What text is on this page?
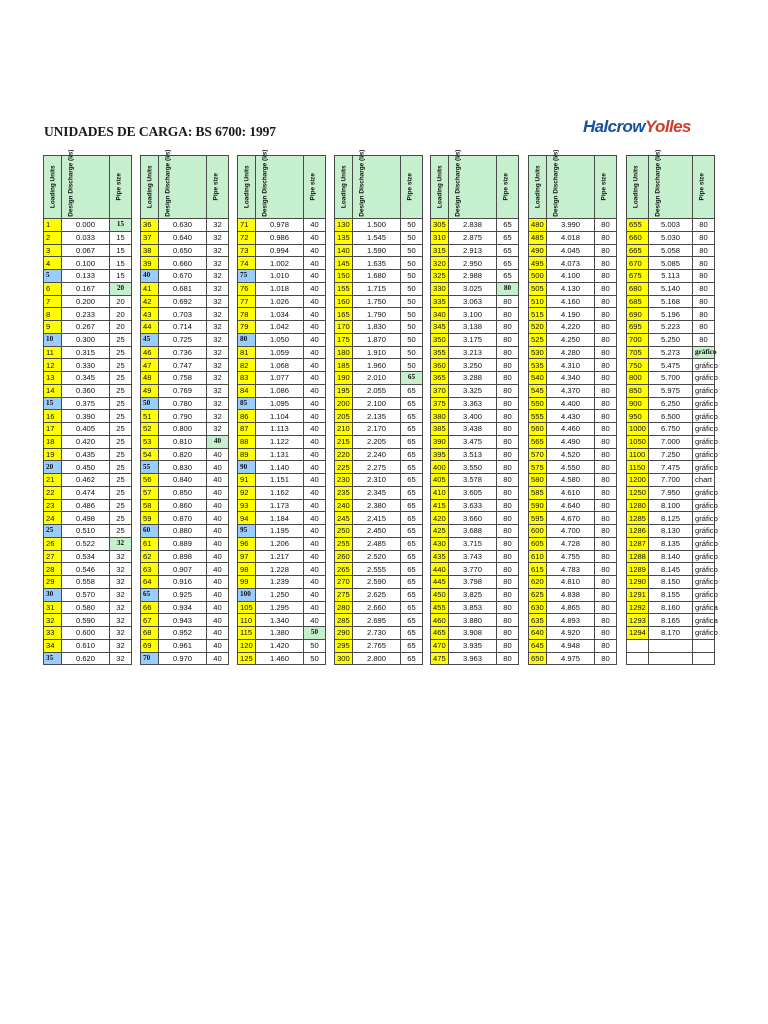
UNIDADES DE CARGA: BS 6700: 1997	HalcrowYolles
Loading Units	Design Discharge (l/s)	Pipe size

1	0.000	15
2	0.033	15
3	0.067	15
4	0.100	15
5	0.133	15
6	0.167	20
7	0.200	20
8	0.233	20
9	0.267	20
10	0.300	25
11	0.315	25
12	0.330	25
13	0.345	25
14	0.360	25
15	0.375	25
16	0.390	25
17	0.405	25
18	0.420	25
19	0.435	25
20	0.450	25
21	0.462	25
22	0.474	25
23	0.486	25
24	0.498	25
25	0.510	25
26	0.522	32
27	0.534	32
28	0.546	32
29	0.558	32
30	0.570	32
31	0.580	32
32	0.590	32
33	0.600	32
34	0.610	32
35	0.620	32
Loading Units	Design Discharge (l/s)	Pipe size

36	0.630	32
37	0.640	32
38	0.650	32
39	0.660	32
40	0.670	32
41	0.681	32
42	0.692	32
43	0.703	32
44	0.714	32
45	0.725	32
46	0.736	32
47	0.747	32
48	0.758	32
49	0.769	32
50	0.780	32
51	0.790	32
52	0.800	32
53	0.810	40
54	0.820	40
55	0.830	40
56	0.840	40
57	0.850	40
58	0.860	40
59	0.870	40
60	0.880	40
61	0.889	40
62	0.898	40
63	0.907	40
64	0.916	40
65	0.925	40
66	0.934	40
67	0.943	40
68	0.952	40
69	0.961	40
70	0.970	40
Loading Units	Design Discharge (l/s)	Pipe size

71	0.978	40
72	0.986	40
73	0.994	40
74	1.002	40
75	1.010	40
76	1.018	40
77	1.026	40
78	1.034	40
79	1.042	40
80	1.050	40
81	1.059	40
82	1.068	40
83	1.077	40
84	1.086	40
85	1.095	40
86	1.104	40
87	1.113	40
88	1.122	40
89	1.131	40
90	1.140	40
91	1.151	40
92	1.162	40
93	1.173	40
94	1.184	40
95	1.195	40
96	1.206	40
97	1.217	40
98	1.228	40
99	1.239	40
100	1.250	40
105	1.295	40
110	1.340	40
115	1.380	50
120	1.420	50
125	1.460	50
Loading Units	Design Discharge (l/s)	Pipe size

130	1.500	50
135	1.545	50
140	1.590	50
145	1.635	50
150	1.680	50
155	1.715	50
160	1.750	50
165	1.790	50
170	1.830	50
175	1.870	50
180	1.910	50
185	1.960	50
190	2.010	65
195	2.055	65
200	2.100	65
205	2.135	65
210	2.170	65
215	2.205	65
220	2.240	65
225	2.275	65
230	2.310	65
235	2.345	65
240	2.380	65
245	2.415	65
250	2.450	65
255	2.485	65
260	2.520	65
265	2.555	65
270	2.590	65
275	2.625	65
280	2.660	65
285	2.695	65
290	2.730	65
295	2.765	65
300	2.800	65
Loading Units	Design Discharge (l/s)	Pipe size

305	2.838	65
310	2.875	65
315	2.913	65
320	2.950	65
325	2.988	65
330	3.025	80
335	3.063	80
340	3.100	80
345	3.138	80
350	3.175	80
355	3.213	80
360	3.250	80
365	3.288	80
370	3.325	80
375	3.363	80
380	3.400	80
385	3.438	80
390	3.475	80
395	3.513	80
400	3.550	80
405	3.578	80
410	3.605	80
415	3.633	80
420	3.660	80
425	3.688	80
430	3.715	80
435	3.743	80
440	3.770	80
445	3.798	80
450	3.825	80
455	3.853	80
460	3.880	80
465	3.908	80
470	3.935	80
475	3.963	80
Loading Units	Design Discharge (l/s)	Pipe size

480	3.990	80
485	4.018	80
490	4.045	80
495	4.073	80
500	4.100	80
505	4.130	80
510	4.160	80
515	4.190	80
520	4.220	80
525	4.250	80
530	4.280	80
535	4.310	80
540	4.340	80
545	4.370	80
550	4.400	80
555	4.430	80
560	4.460	80
565	4.490	80
570	4.520	80
575	4.550	80
580	4.580	80
585	4.610	80
590	4.640	80
595	4.670	80
600	4.700	80
605	4.728	80
610	4.755	80
615	4.783	80
620	4.810	80
625	4.838	80
630	4.865	80
635	4.893	80
640	4.920	80
645	4.948	80
650	4.975	80
Loading Units	Design Discharge (l/s)	Pipe size

655	5.003	80
660	5.030	80
665	5.058	80
670	5.085	80
675	5.113	80
680	5.140	80
685	5.168	80
690	5.196	80
695	5.223	80
700	5.250	80
705	5.273	gráfico
750	5.475	gráfico
800	5.700	gráfico
850	5.975	gráfico
900	6.250	gráfico
950	6.500	gráfico
1000	6.750	gráfico
1050	7.000	gráfico
1100	7.250	gráfico
1150	7.475	gráfico
1200	7.700	chart
1250	7.950	gráfico
1280	8.100	gráfico
1285	8.125	gráfico
1286	8.130	gráfico
1287	8.135	gráfico
1288	8.140	gráfico
1289	8.145	gráfico
1290	8.150	gráfico
1291	8.155	gráfico
1292	8.160	gráfica
1293	8.165	gráfica
1294	8.170	gráfico
